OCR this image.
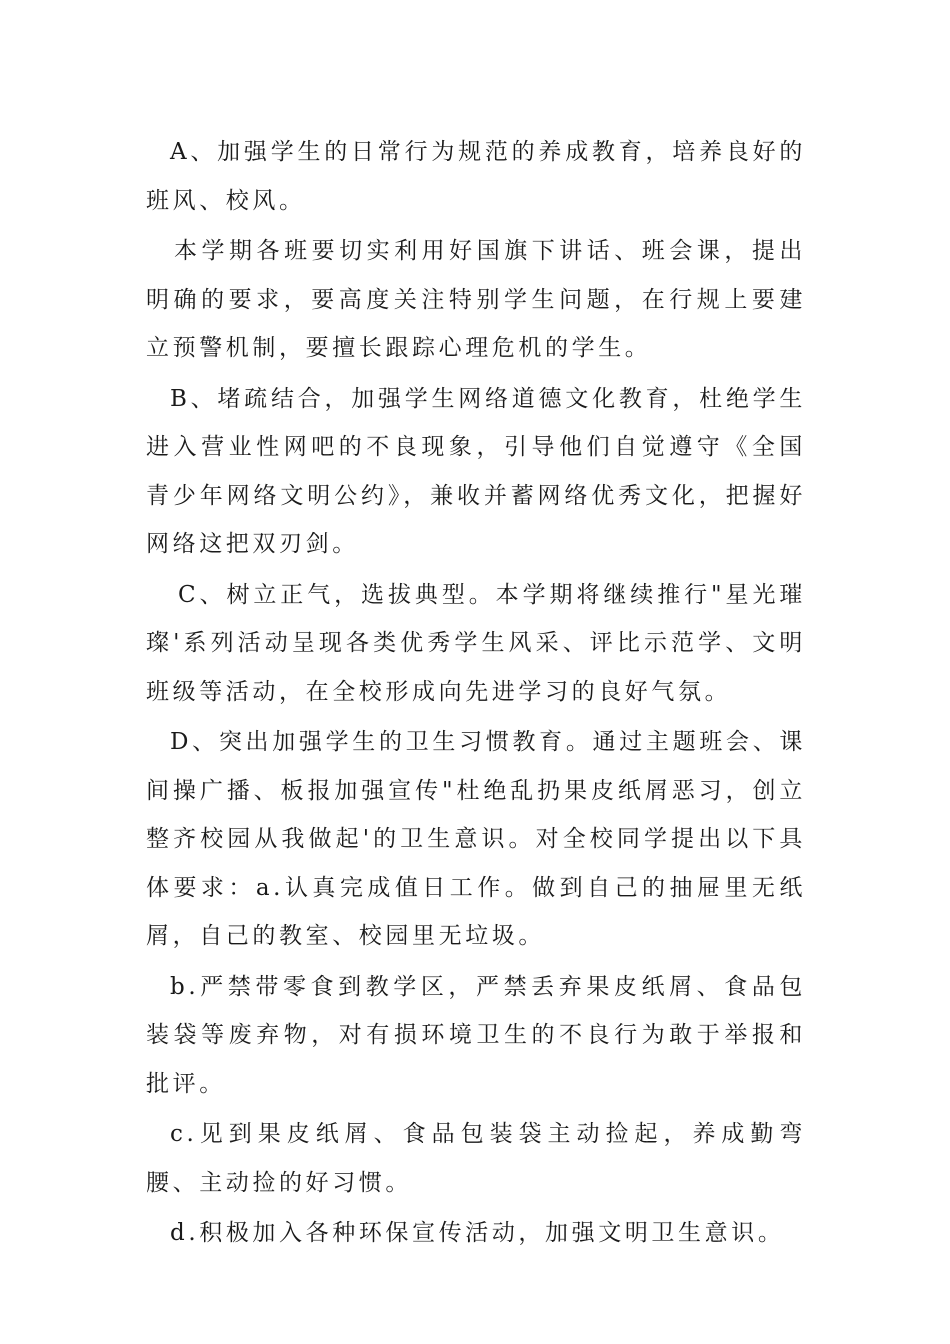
A、加强学生的日常行为规范的养成教育，培养良好的班风、校风。

本学期各班要切实利用好国旗下讲话、班会课，提出明确的要求，要高度关注特别学生问题，在行规上要建立预警机制，要擅长跟踪心理危机的学生。

B、堵疏结合，加强学生网络道德文化教育，杜绝学生进入营业性网吧的不良现象，引导他们自觉遵守《全国青少年网络文明公约》，兼收并蓄网络优秀文化，把握好网络这把双刃剑。

C、树立正气，选拔典型。本学期将继续推行"星光璀璨'系列活动呈现各类优秀学生风采、评比示范学、文明班级等活动，在全校形成向先进学习的良好气氛。

D、突出加强学生的卫生习惯教育。通过主题班会、课间操广播、板报加强宣传"杜绝乱扔果皮纸屑恶习，创立整齐校园从我做起'的卫生意识。对全校同学提出以下具体要求：a.认真完成值日工作。做到自己的抽屉里无纸屑，自己的教室、校园里无垃圾。

b.严禁带零食到教学区，严禁丢弃果皮纸屑、食品包装袋等废弃物，对有损环境卫生的不良行为敢于举报和批评。

c.见到果皮纸屑、食品包装袋主动捡起，养成勤弯腰、主动捡的好习惯。

d.积极加入各种环保宣传活动，加强文明卫生意识。
